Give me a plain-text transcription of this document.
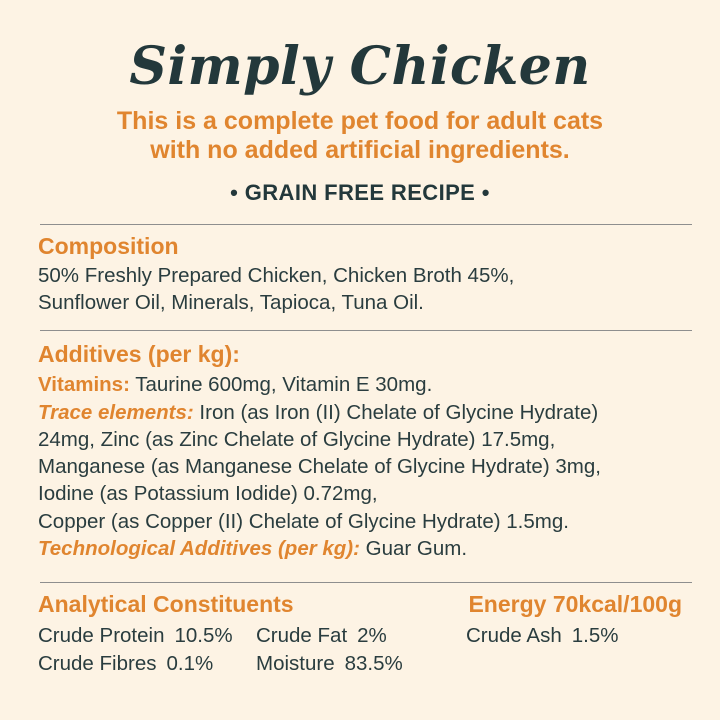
Simply Chicken
This is a complete pet food for adult cats
with no added artificial ingredients.
• GRAIN FREE RECIPE •
Composition
50% Freshly Prepared Chicken, Chicken Broth 45%,
Sunflower Oil, Minerals, Tapioca, Tuna Oil.
Additives (per kg):
Vitamins: Taurine 600mg, Vitamin E 30mg.
Trace elements: Iron (as Iron (II) Chelate of Glycine Hydrate)
24mg, Zinc (as Zinc Chelate of Glycine Hydrate) 17.5mg,
Manganese (as Manganese Chelate of Glycine Hydrate) 3mg,
Iodine (as Potassium Iodide) 0.72mg,
Copper (as Copper (II) Chelate of Glycine Hydrate) 1.5mg.
Technological Additives (per kg): Guar Gum.
Analytical Constituents	Energy 70kcal/100g
Crude Protein 10.5%	Crude Fat 2%	Crude Ash 1.5%
Crude Fibres 0.1%	Moisture 83.5%
